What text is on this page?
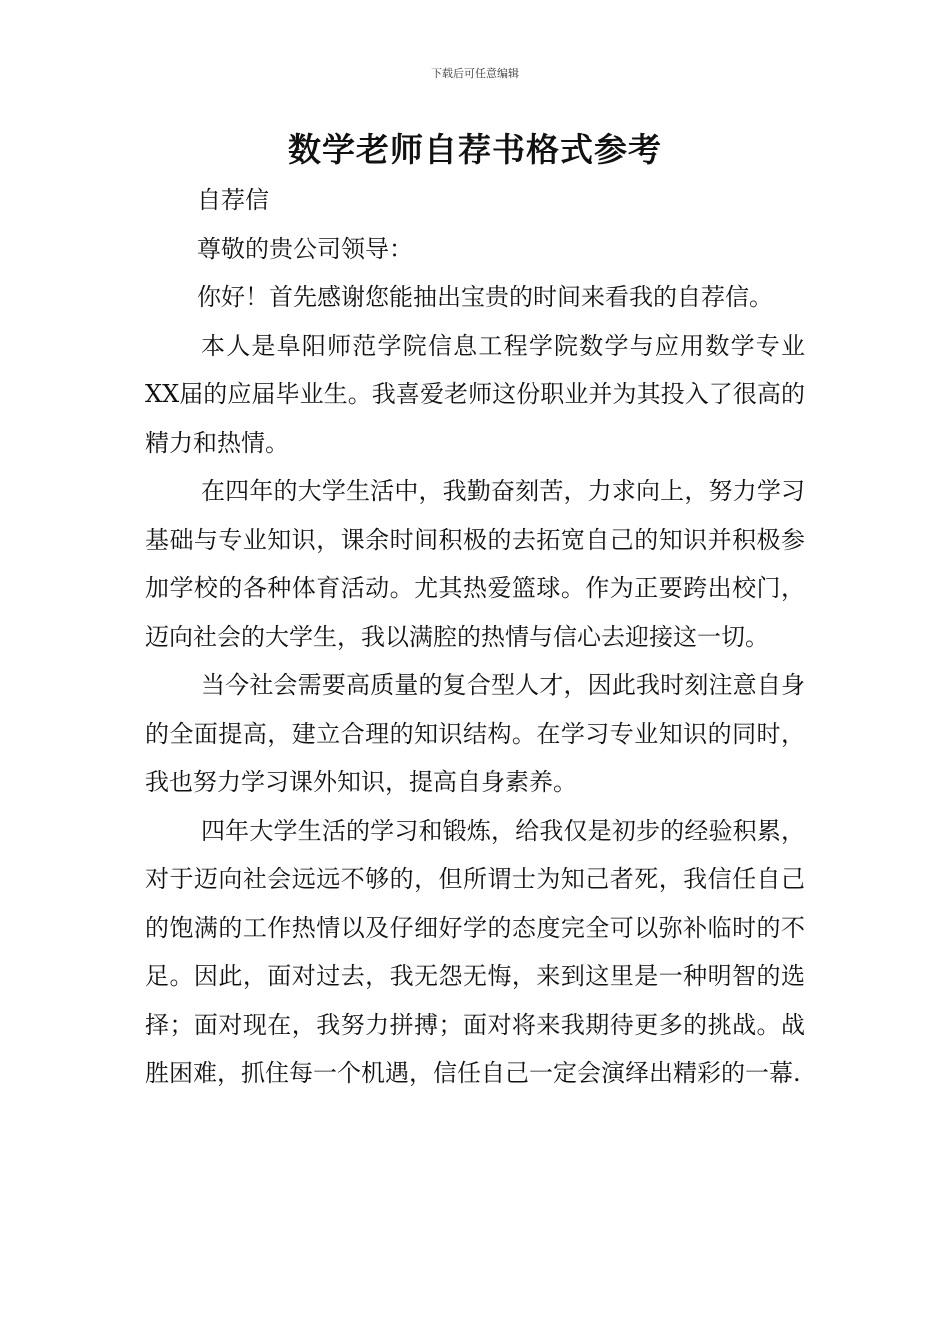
下载后可任意编辑
数学老师自荐书格式参考

自荐信

尊敬的贵公司领导：

你好！首先感谢您能抽出宝贵的时间来看我的自荐信。

本人是阜阳师范学院信息工程学院数学与应用数学专业XX届的应届毕业生。我喜爱老师这份职业并为其投入了很高的精力和热情。

在四年的大学生活中，我勤奋刻苦，力求向上，努力学习基础与专业知识，课余时间积极的去拓宽自己的知识并积极参加学校的各种体育活动。尤其热爱篮球。作为正要跨出校门，迈向社会的大学生，我以满腔的热情与信心去迎接这一切。

当今社会需要高质量的复合型人才，因此我时刻注意自身的全面提高，建立合理的知识结构。在学习专业知识的同时，我也努力学习课外知识，提高自身素养。

四年大学生活的学习和锻炼，给我仅是初步的经验积累，对于迈向社会远远不够的，但所谓士为知己者死，我信任自己的饱满的工作热情以及仔细好学的态度完全可以弥补临时的不足。因此，面对过去，我无怨无悔，来到这里是一种明智的选择；面对现在，我努力拼搏；面对将来我期待更多的挑战。战胜困难，抓住每一个机遇，信任自己一定会演绎出精彩的一幕.
